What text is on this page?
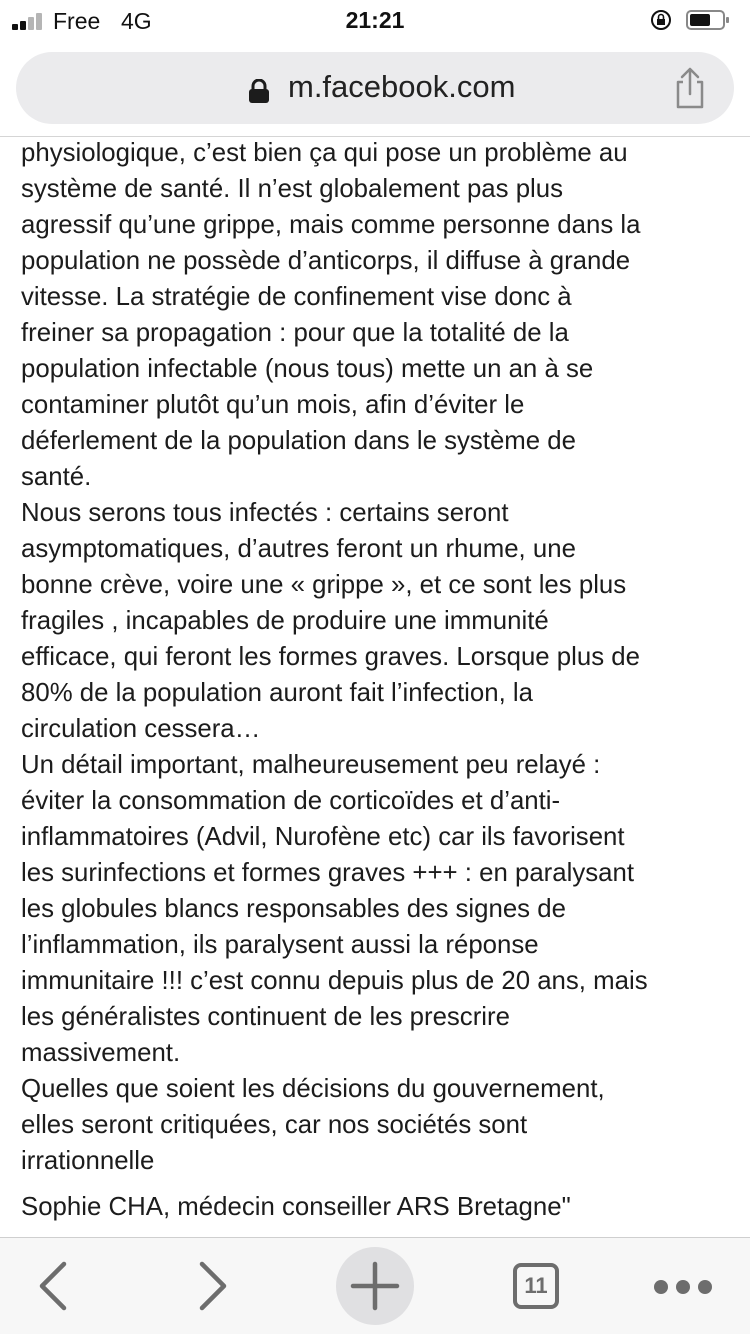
Free 4G	21:21
m.facebook.com

physiologique, c’est bien ça qui pose un problème au
système de santé. Il n’est globalement pas plus
agressif qu’une grippe, mais comme personne dans la
population ne possède d’anticorps, il diffuse à grande
vitesse. La stratégie de confinement vise donc à
freiner sa propagation : pour que la totalité de la
population infectable (nous tous) mette un an à se
contaminer plutôt qu’un mois, afin d’éviter le
déferlement de la population dans le système de
santé.

Nous serons tous infectés : certains seront
asymptomatiques, d’autres feront un rhume, une
bonne crève, voire une « grippe », et ce sont les plus
fragiles , incapables de produire une immunité
efficace, qui feront les formes graves. Lorsque plus de
80% de la population auront fait l’infection, la
circulation cessera…

Un détail important, malheureusement peu relayé :
éviter la consommation de corticoïdes et d’anti-
inflammatoires (Advil, Nurofène etc) car ils favorisent
les surinfections et formes graves +++ : en paralysant
les globules blancs responsables des signes de
l’inflammation, ils paralysent aussi la réponse
immunitaire !!! c’est connu depuis plus de 20 ans, mais
les généralistes continuent de les prescrire
massivement.

Quelles que soient les décisions du gouvernement,
elles seront critiquées, car nos sociétés sont
irrationnelle

Sophie CHA, médecin conseiller ARS Bretagne"
11
